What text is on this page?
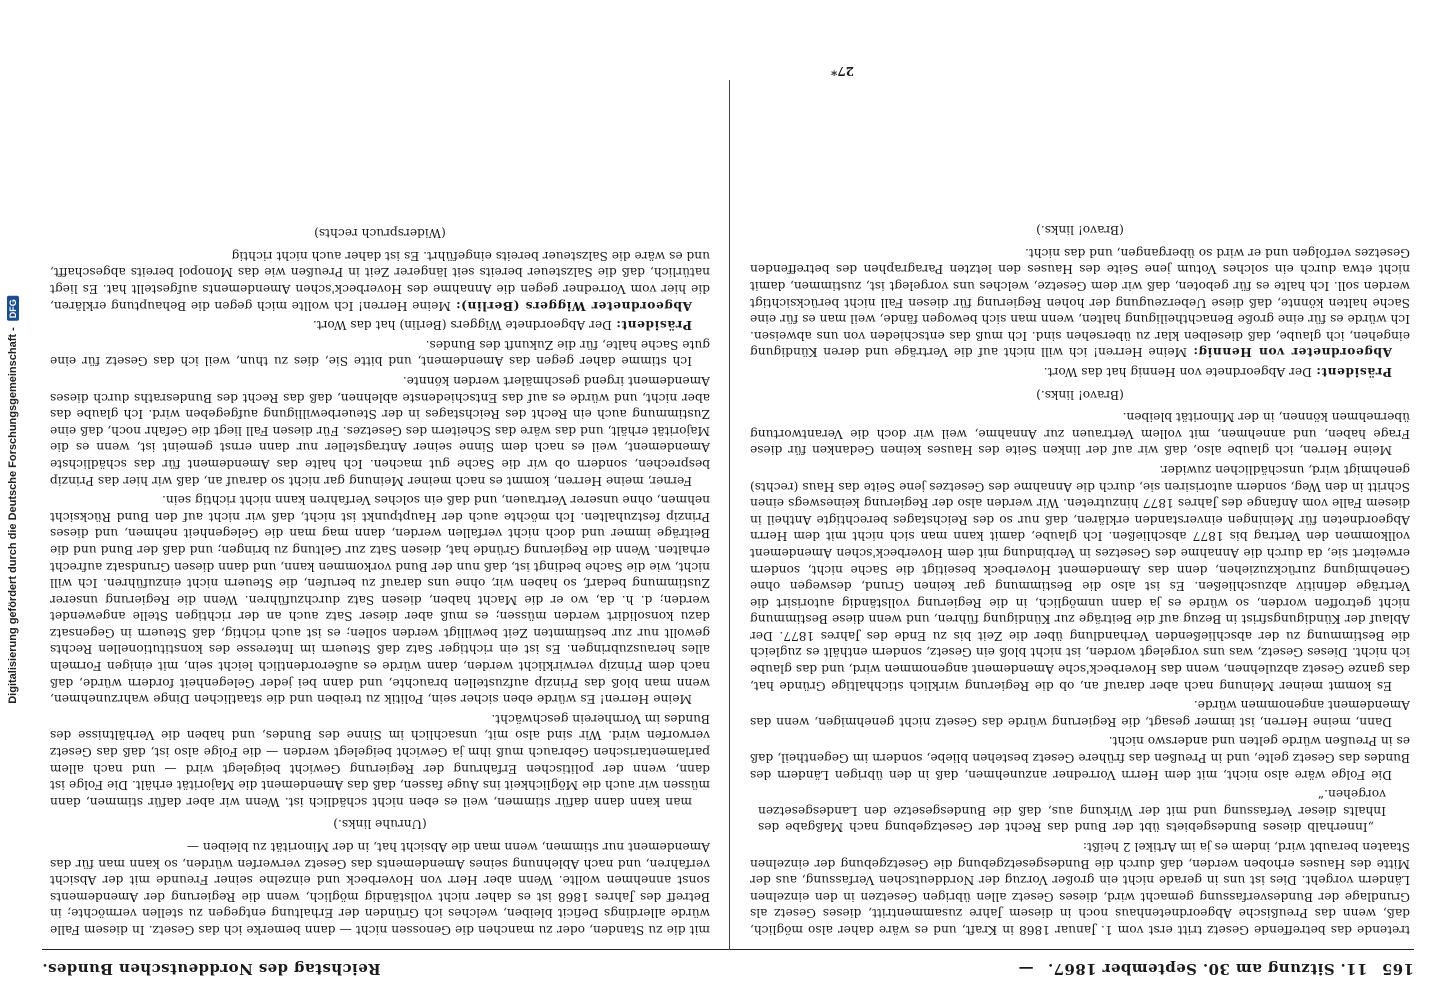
Digitalisierung gefördert durch die Deutsche Forschungsgemeinschaft -
DFG
165
11. Sitzung am 30. September 1867.
—
Reichstag des Norddeutschen Bundes.

tretende das betreffende Gesetz tritt erst vom 1. Januar 1868 in Kraft, und es wäre daher also möglich, daß, wenn das Preußische Abgeordnetenhaus noch in diesem Jahre zusammentritt, dieses Gesetz als Grundlage der Bundesverfassung gemacht wird, dieses Gesetz allen übrigen Gesetzen in den einzelnen Ländern vorgeht. Dies ist uns in gerade nicht ein großer Vorzug der Norddeutschen Verfassung, aus der Mitte des Hauses erhoben werden, daß durch die Bundesgesetzgebung die Gesetzgebung der einzelnen Staaten beraubt wird, indem es ja im Artikel 2 heißt:

„Innerhalb dieses Bundesgebiets übt der Bund das Recht der Gesetzgebung nach Maßgabe des Inhalts dieser Verfassung und mit der Wirkung aus, daß die Bundesgesetze den Landesgesetzen vorgehen.“

Die Folge wäre also nicht, mit dem Herrn Vorredner anzunehmen, daß in den übrigen Ländern des Bundes das Gesetz gelte, und in Preußen das frühere Gesetz bestehen bliebe, sondern im Gegentheil, daß es in Preußen würde gelten und anderswo nicht.

Dann, meine Herren, ist immer gesagt, die Regierung würde das Gesetz nicht genehmigen, wenn das Amendement angenommen würde.

Es kommt meiner Meinung nach aber darauf an, ob die Regierung wirklich stichhaltige Gründe hat, das ganze Gesetz abzulehnen, wenn das Hoverbeck'sche Amendement angenommen wird, und das glaube ich nicht. Dieses Gesetz, was uns vorgelegt worden, ist nicht bloß ein Gesetz, sondern enthält es zugleich die Bestimmung zu der abschließenden Verhandlung über die Zeit bis zu Ende des Jahres 1877. Der Ablauf der Kündigungsfrist in Bezug auf die Beiträge zur Kündigung führen, und wenn diese Bestimmung nicht getroffen worden, so würde es ja dann unmöglich, in die Regierung vollständig autorisirt die Verträge definitiv abzuschließen. Es ist also die Bestimmung gar keinen Grund, deswegen ohne Genehmigung zurückzuziehen, denn das Amendement Hoverbeck beseitigt die Sache nicht, sondern erweitert sie, da durch die Annahme des Gesetzes in Verbindung mit dem Hoverbeck'schen Amendement vollkommen den Vertrag bis 1877 abschließen. Ich glaube, damit kann man sich nicht mit dem Herrn Abgeordneten für Meiningen einverstanden erklären, daß nur so des Reichstages berechtigte Antheil in diesem Falle vom Anfange des Jahres 1877 hinzutreten. Wir werden also der Regierung keineswegs einen Schritt in den Weg, sondern autorisiren sie, durch die Annahme des Gesetzes jene Seite das Haus (rechts) genehmigt wird, unschädlichen zuwider.

Meine Herren, ich glaube also, daß wir auf der linken Seite des Hauses keinen Gedanken für diese Frage haben, und annehmen, mit vollem Vertrauen zur Annahme, weil wir doch die Verantwortung übernehmen können, in der Minorität bleiben.

(Bravo! links.)

Präsident: Der Abgeordnete von Hennig hat das Wort.

Abgeordneter von Hennig: Meine Herren! ich will nicht auf die Verträge und deren Kündigung eingehen, ich glaube, daß dieselben klar zu übersehen sind. Ich muß das entschieden von uns abweisen. Ich würde es für eine große Benachtheiligung halten, wenn man sich bewogen fände, weil man es für eine Sache halten könnte, daß diese Ueberzeugung der hohen Regierung für diesen Fall nicht berücksichtigt werden soll. Ich halte es für geboten, daß wir dem Gesetze, welches uns vorgelegt ist, zustimmen, damit nicht etwa durch ein solches Votum jene Seite des Hauses den letzten Paragraphen des betreffenden Gesetzes verfolgen und er wird so übergangen, und das nicht.

(Bravo! links.)

mit die zu Standen, oder zu manchen die Genossen nicht — dann bemerke ich das Gesetz. In diesem Falle würde allerdings Deficit bleiben, welches ich Gründen der Erhaltung entgegen zu stellen vermöchte; in Betreff des Jahres 1868 ist es daher nicht vollständig möglich, wenn die Regierung der Amendements sonst annehmen wollte. Wenn aber Herr von Hoverbeck und einzelne seiner Freunde mit der Absicht verfahren, und nach Ablehnung seines Amendements das Gesetz verwerfen würden, so kann man für das Amendement nur stimmen, wenn man die Absicht hat, in der Minorität zu bleiben —

(Unruhe links.)

man kann dann dafür stimmen, weil es eben nicht schädlich ist. Wenn wir aber dafür stimmen, dann müssen wir auch die Möglichkeit ins Auge fassen, daß das Amendement die Majorität erhält. Die Folge ist dann, wenn der politischen Erfahrung der Regierung Gewicht beigelegt wird — und nach allem parlamentarischen Gebrauch muß ihm ja Gewicht beigelegt werden — die Folge also ist, daß das Gesetz verworfen wird. Wir sind also mit, unsachlich im Sinne des Bundes, und haben die Verhältnisse des Bundes im Vornherein geschwächt.

Meine Herren! Es würde eben sicher sein, Politik zu treiben und die staatlichen Dinge wahrzunehmen, wenn man bloß das Prinzip aufzustellen brauchte, und dann bei jeder Gelegenheit fordern würde, daß nach dem Prinzip verwirklicht werden, dann würde es außerordentlich leicht sein, mit einigen Formeln alles herauszubringen. Es ist ein richtiger Satz daß Steuern im Interesse des konstitutionellen Rechts gewollt nur zur bestimmten Zeit bewilligt werden sollen; es ist auch richtig, daß Steuern in Gegensatz dazu konsolidirt werden müssen; es muß aber dieser Satz auch an der richtigen Stelle angewendet werden; d. h. da, wo er die Macht haben, diesen Satz durchzuführen. Wenn die Regierung unserer Zustimmung bedarf, so haben wir, ohne uns darauf zu berufen, die Steuern nicht einzuführen. Ich will nicht, wie die Sache bedingt ist, daß nun der Bund vorkommen kann, und dann diesen Grundsatz aufrecht erhalten. Wenn die Regierung Gründe hat, diesen Satz zur Geltung zu bringen; und daß der Bund und die Beiträge immer und doch nicht verfallen werden, dann mag man die Gelegenheit nehmen, und dieses Prinzip festzuhalten. Ich möchte auch der Hauptpunkt ist nicht, daß wir nicht auf den Bund Rücksicht nehmen, ohne unserer Vertrauen, und daß ein solches Verfahren kann nicht richtig sein.

Ferner, meine Herren, kommt es nach meiner Meinung gar nicht so darauf an, daß wir hier das Prinzip besprechen, sondern ob wir die Sache gut machen. Ich halte das Amendement für das schädlichste Amendement, weil es nach dem Sinne seiner Antragsteller nur dann ernst gemeint ist, wenn es die Majorität erhält, und das wäre das Scheitern des Gesetzes. Für diesen Fall liegt die Gefahr noch, daß eine Zustimmung auch ein Recht des Reichstages in der Steuerbewilligung aufgegeben wird. Ich glaube das aber nicht, und würde es auf das Entschiedenste ablehnen, daß das Recht des Bundesraths durch dieses Amendement irgend geschmälert werden könnte.

Ich stimme daher gegen das Amendement, und bitte Sie, dies zu thun, weil ich das Gesetz für eine gute Sache halte, für die Zukunft des Bundes.

Präsident: Der Abgeordnete Wiggers (Berlin) hat das Wort.

Abgeordneter Wiggers (Berlin): Meine Herren! Ich wollte mich gegen die Behauptung erklären, die hier vom Vorredner gegen die Annahme des Hoverbeck'schen Amendements aufgestellt hat. Es liegt natürlich, daß die Salzsteuer bereits seit längerer Zeit in Preußen wie das Monopol bereits abgeschafft, und es wäre die Salzsteuer bereits eingeführt. Es ist daher auch nicht richtig

(Widerspruch rechts)

27*
